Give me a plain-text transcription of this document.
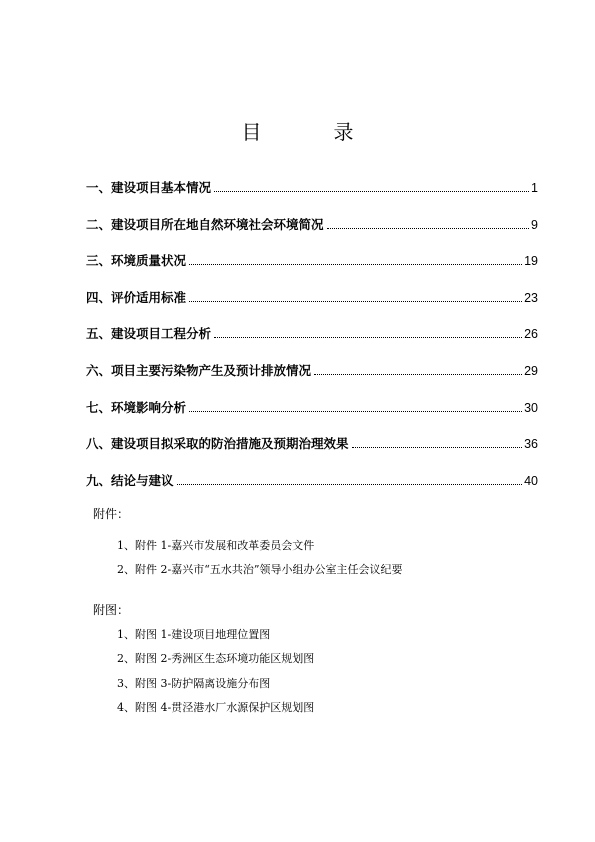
目　录
一、建设项目基本情况	1
二、建设项目所在地自然环境社会环境简况	9
三、环境质量状况	19
四、评价适用标准	23
五、建设项目工程分析	26
六、项目主要污染物产生及预计排放情况	29
七、环境影响分析	30
八、建设项目拟采取的防治措施及预期治理效果	36
九、结论与建议	40
附件：
1、附件 1-嘉兴市发展和改革委员会文件
2、附件 2-嘉兴市“五水共治”领导小组办公室主任会议纪要
附图：
1、附图 1-建设项目地理位置图
2、附图 2-秀洲区生态环境功能区规划图
3、附图 3-防护隔离设施分布图
4、附图 4-贯泾港水厂水源保护区规划图
